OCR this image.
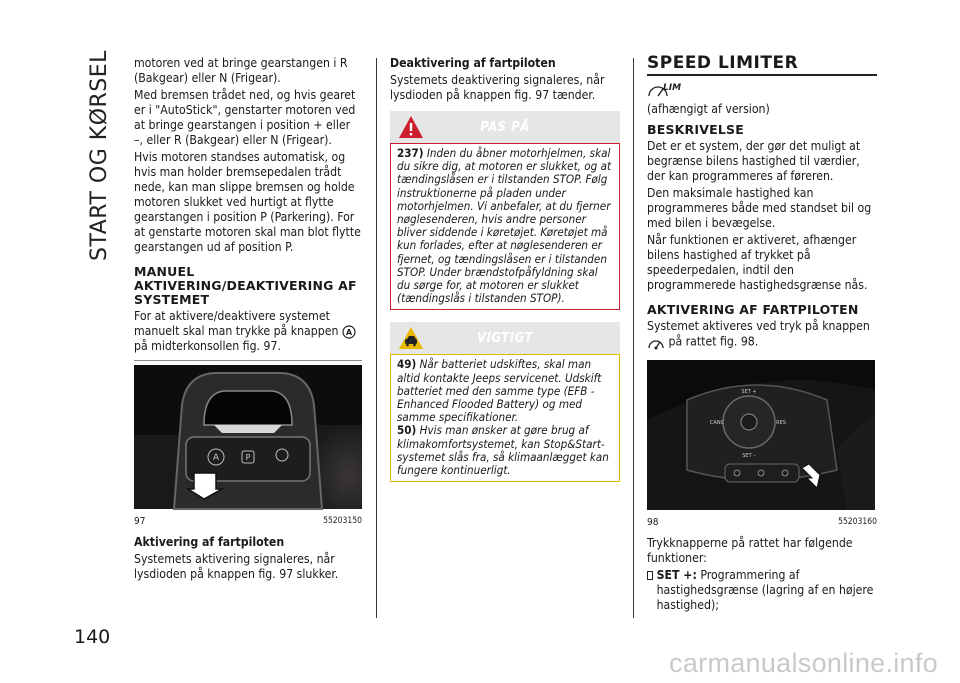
START OG KØRSEL
140
carmanualsonline.info

motoren ved at bringe gearstangen i R (Bakgear) eller N (Frigear).

Med bremsen trådet ned, og hvis gearet er i "AutoStick", genstarter motoren ved at bringe gearstangen i position + eller –, eller R (Bakgear) eller N (Frigear).

Hvis motoren standses automatisk, og hvis man holder bremsepedalen trådt nede, kan man slippe bremsen og holde motoren slukket ved hurtigt at flytte gearstangen i position P (Parkering). For at genstarte motoren skal man blot flytte gearstangen ud af position P.

MANUEL AKTIVERING/DEAKTIVERING AF SYSTEMET

For at aktivere/deaktivere systemet manuelt skal man trykke på knappen A
på midterkonsollen fig. 97.

A	P
97	55203150
Aktivering af fartpiloten

Systemets aktivering signaleres, når lysdioden på knappen fig. 97 slukker.

Deaktivering af fartpiloten

Systemets deaktivering signaleres, når lysdioden på knappen fig. 97 tænder.

PAS PÅ
237) Inden du åbner motorhjelmen, skal du sikre dig, at motoren er slukket, og at tændingslåsen er i tilstanden STOP. Følg instruktionerne på pladen under motorhjelmen. Vi anbefaler, at du fjerner nøglesenderen, hvis andre personer bliver siddende i køretøjet. Køretøjet må kun forlades, efter at nøglesenderen er fjernet, og tændingslåsen er i tilstanden STOP. Under brændstofpåfyldning skal du sørge for, at motoren er slukket (tændingslås i tilstanden STOP).
VIGTIGT
49) Når batteriet udskiftes, skal man altid kontakte Jeeps servicenet. Udskift batteriet med den samme type (EFB - Enhanced Flooded Battery) og med samme specifikationer.
50) Hvis man ønsker at gøre brug af klimakomfortsystemet, kan Stop&Start-systemet slås fra, så klimaanlægget kan fungere kontinuerligt.
SPEED LIMITER
LIM

(afhængigt af version)

BESKRIVELSE

Det er et system, der gør det muligt at begrænse bilens hastighed til værdier, der kan programmeres af føreren.

Den maksimale hastighed kan programmeres både med standset bil og med bilen i bevægelse.

Når funktionen er aktiveret, afhænger bilens hastighed af trykket på speederpedalen, indtil den programmerede hastighedsgrænse nås.

AKTIVERING AF FARTPILOTEN

Systemet aktiveres ved tryk på knappen
på rattet fig. 98.

SET +
SET –
CANC	RES
98	55203160

Trykknapperne på rattet har følgende funktioner:

SET +: Programmering af hastighedsgrænse (lagring af en højere hastighed);
